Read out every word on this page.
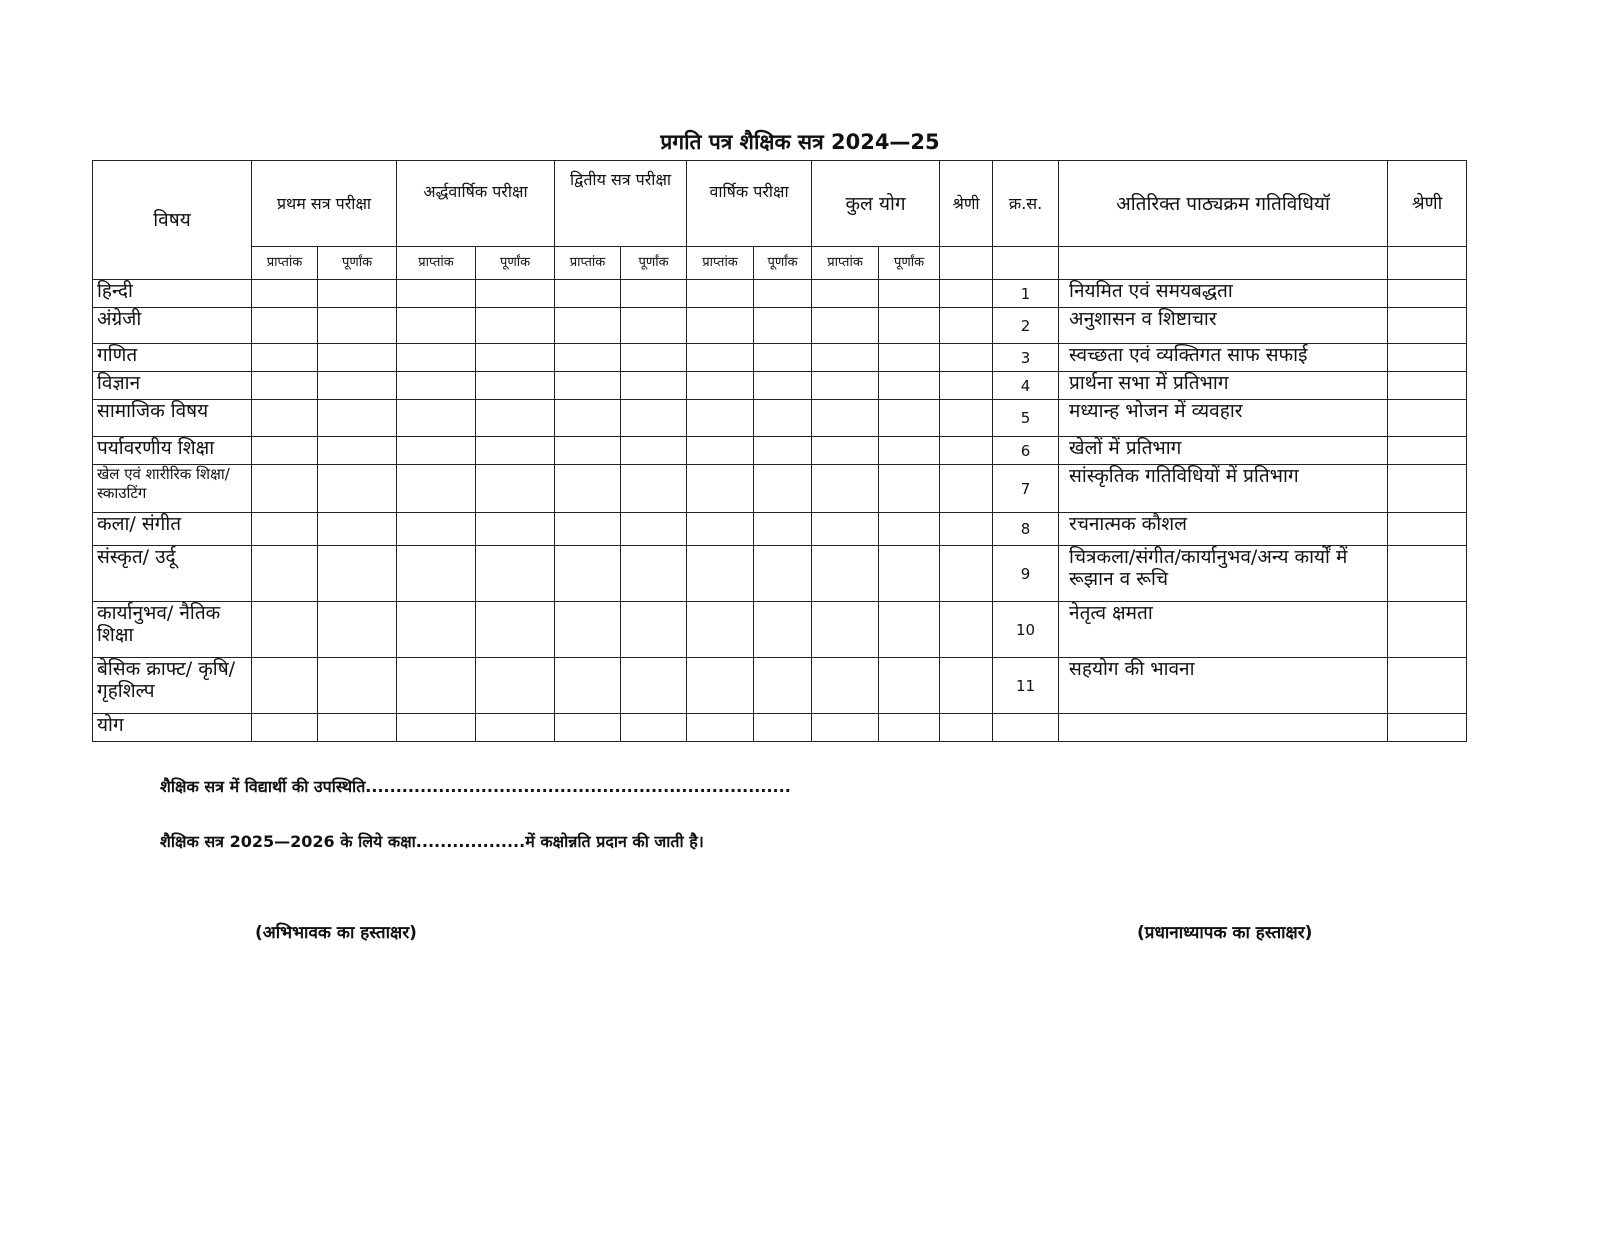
प्रगति पत्र शैक्षिक सत्र 2024—25
विषय	प्रथम सत्र परीक्षा		अर्द्धवार्षिक परीक्षा		द्वितीय सत्र परीक्षा		वार्षिक परीक्षा		कुल योग		श्रेणी	क्र.स.	अतिरिक्त पाठ्यक्रम गतिविधियॉ	श्रेणी
	प्राप्तांक	पूर्णांक	प्राप्तांक	पूर्णांक	प्राप्तांक	पूर्णांक	प्राप्तांक	पूर्णांक	प्राप्तांक	पूर्णांक				
हिन्दी												1	नियमित एवं समयबद्धता	
अंग्रेजी												2	अनुशासन व शिष्टाचार	
गणित												3	स्वच्छता एवं व्यक्तिगत साफ सफाई	
विज्ञान												4	प्रार्थना सभा में प्रतिभाग	
सामाजिक विषय												5	मध्यान्ह भोजन में व्यवहार	
पर्यावरणीय शिक्षा												6	खेलों में प्रतिभाग	
खेल एवं शारीरिक शिक्षा/स्काउटिंग												7	सांस्कृतिक गतिविधियों में प्रतिभाग	
कला/ संगीत												8	रचनात्मक कौशल	
संस्कृत/ उर्दू												9	चित्रकला/संगीत/कार्यानुभव/अन्य कार्यों में रूझान व रूचि	
कार्यानुभव/ नैतिक शिक्षा												10	नेतृत्व क्षमता	
बेसिक क्राफ्ट/ कृषि/ गृहशिल्प												11	सहयोग की भावना	
योग														
शैक्षिक सत्र में विद्यार्थी की उपस्थिति......................................................................
शैक्षिक सत्र 2025—2026 के लिये कक्षा..................में कक्षोन्नति प्रदान की जाती है।
(अभिभावक का हस्ताक्षर)	(प्रधानाध्यापक का हस्ताक्षर)
